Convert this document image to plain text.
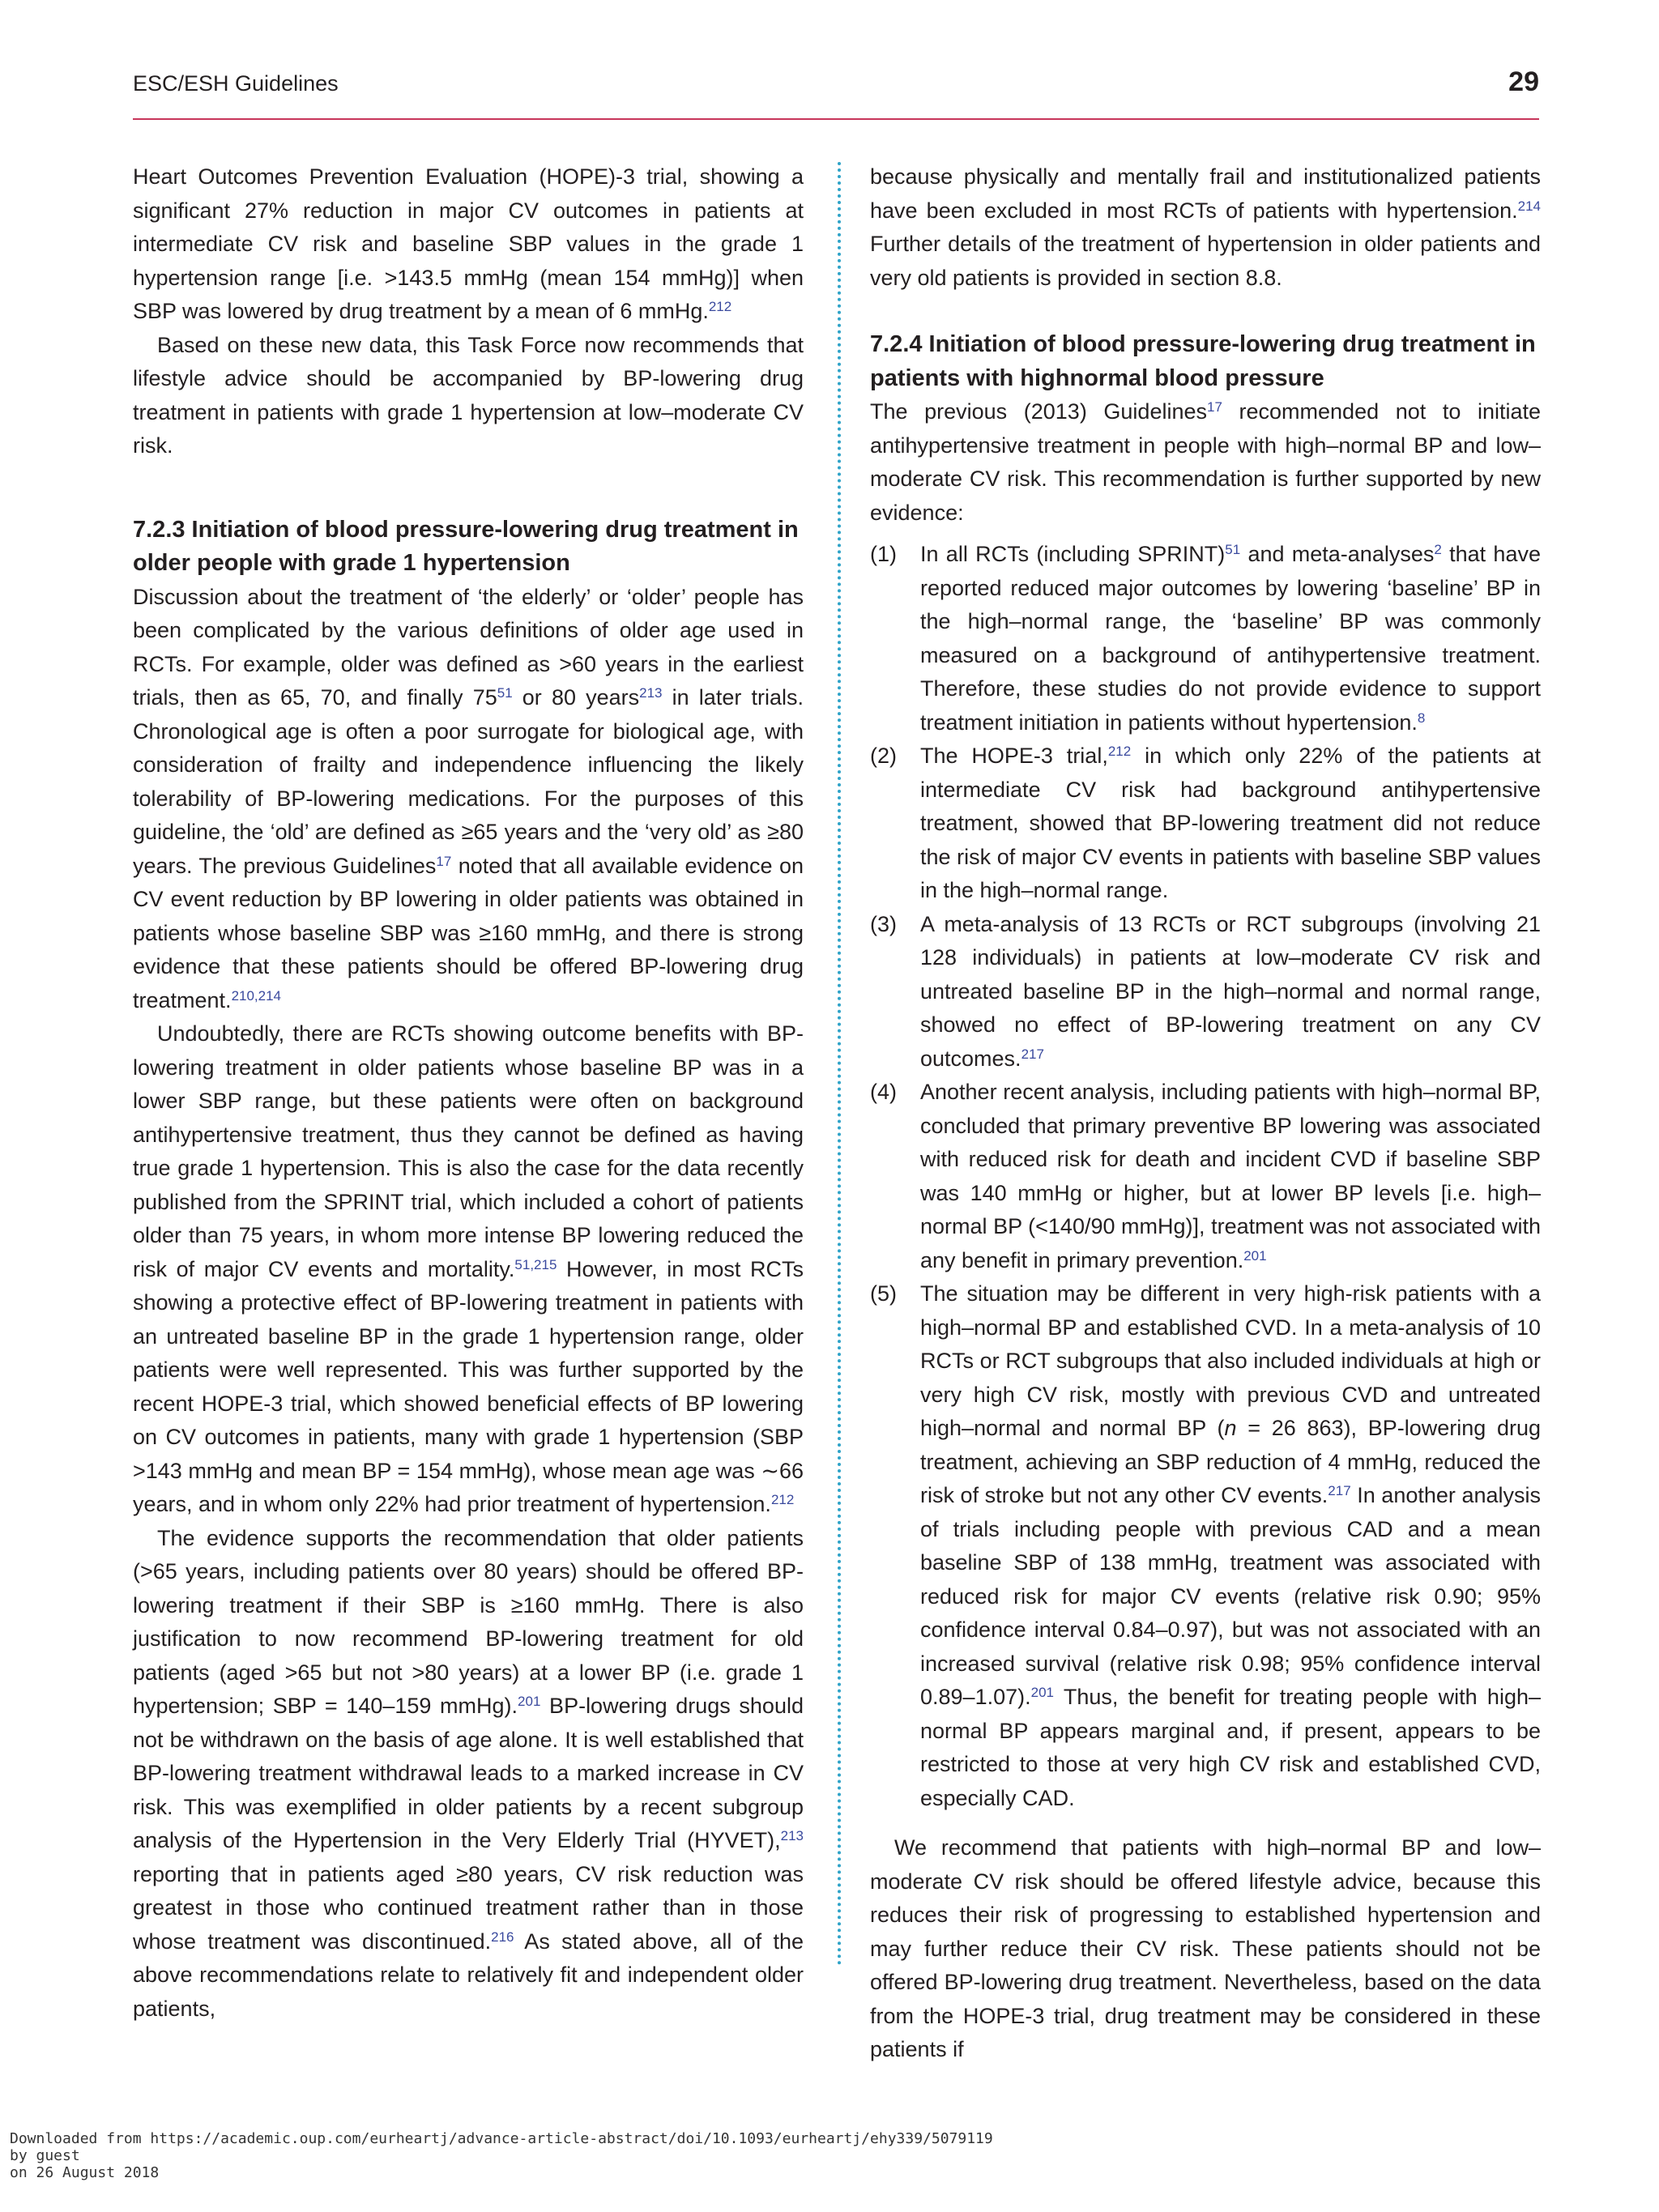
ESC/ESH Guidelines	29

Heart Outcomes Prevention Evaluation (HOPE)-3 trial, showing a significant 27% reduction in major CV outcomes in patients at intermediate CV risk and baseline SBP values in the grade 1 hypertension range [i.e. >143.5 mmHg (mean 154 mmHg)] when SBP was lowered by drug treatment by a mean of 6 mmHg.$^{212}$

Based on these new data, this Task Force now recommends that lifestyle advice should be accompanied by BP-lowering drug treatment in patients with grade 1 hypertension at low–moderate CV risk.

7.2.3 Initiation of blood pressure-lowering drug treatment in older people with grade 1 hypertension

Discussion about the treatment of ‘the elderly’ or ‘older’ people has been complicated by the various definitions of older age used in RCTs. For example, older was defined as >60 years in the earliest trials, then as 65, 70, and finally $75^{51}$ or 80 years$^{213}$ in later trials. Chronological age is often a poor surrogate for biological age, with consideration of frailty and independence influencing the likely tolerability of BP-lowering medications. For the purposes of this guideline, the ‘old’ are defined as ≥65 years and the ‘very old’ as ≥80 years. The previous Guidelines$^{17}$ noted that all available evidence on CV event reduction by BP lowering in older patients was obtained in patients whose baseline SBP was ≥160 mmHg, and there is strong evidence that these patients should be offered BP-lowering drug treatment.$^{210,214}$

Undoubtedly, there are RCTs showing outcome benefits with BP-lowering treatment in older patients whose baseline BP was in a lower SBP range, but these patients were often on background antihypertensive treatment, thus they cannot be defined as having true grade 1 hypertension. This is also the case for the data recently published from the SPRINT trial, which included a cohort of patients older than 75 years, in whom more intense BP lowering reduced the risk of major CV events and mortality.$^{51,215}$ However, in most RCTs showing a protective effect of BP-lowering treatment in patients with an untreated baseline BP in the grade 1 hypertension range, older patients were well represented. This was further supported by the recent HOPE-3 trial, which showed beneficial effects of BP lowering on CV outcomes in patients, many with grade 1 hypertension (SBP >143 mmHg and mean BP = 154 mmHg), whose mean age was ∼66 years, and in whom only 22% had prior treatment of hypertension.$^{212}$

The evidence supports the recommendation that older patients (>65 years, including patients over 80 years) should be offered BP-lowering treatment if their SBP is ≥160 mmHg. There is also justification to now recommend BP-lowering treatment for old patients (aged >65 but not >80 years) at a lower BP (i.e. grade 1 hypertension; SBP = 140–159 mmHg).$^{201}$ BP-lowering drugs should not be withdrawn on the basis of age alone. It is well established that BP-lowering treatment withdrawal leads to a marked increase in CV risk. This was exemplified in older patients by a recent subgroup analysis of the Hypertension in the Very Elderly Trial (HYVET),$^{213}$ reporting that in patients aged ≥80 years, CV risk reduction was greatest in those who continued treatment rather than in those whose treatment was discontinued.$^{216}$ As stated above, all of the above recommendations relate to relatively fit and independent older patients,

because physically and mentally frail and institutionalized patients have been excluded in most RCTs of patients with hypertension.$^{214}$ Further details of the treatment of hypertension in older patients and very old patients is provided in section 8.8.

7.2.4 Initiation of blood pressure-lowering drug treatment in patients with highnormal blood pressure

The previous (2013) Guidelines$^{17}$ recommended not to initiate antihypertensive treatment in people with high–normal BP and low–moderate CV risk. This recommendation is further supported by new evidence:

(1) In all RCTs (including SPRINT)$^{51}$ and meta-analyses$^2$ that have reported reduced major outcomes by lowering ‘baseline’ BP in the high–normal range, the ‘baseline’ BP was commonly measured on a background of antihypertensive treatment. Therefore, these studies do not provide evidence to support treatment initiation in patients without hypertension.$^8$
(2) The HOPE-3 trial,$^{212}$ in which only 22% of the patients at intermediate CV risk had background antihypertensive treatment, showed that BP-lowering treatment did not reduce the risk of major CV events in patients with baseline SBP values in the high–normal range.
(3) A meta-analysis of 13 RCTs or RCT subgroups (involving 21 128 individuals) in patients at low–moderate CV risk and untreated baseline BP in the high–normal and normal range, showed no effect of BP-lowering treatment on any CV outcomes.$^{217}$
(4) Another recent analysis, including patients with high–normal BP, concluded that primary preventive BP lowering was associated with reduced risk for death and incident CVD if baseline SBP was 140 mmHg or higher, but at lower BP levels [i.e. high–normal BP (<140/90 mmHg)], treatment was not associated with any benefit in primary prevention.$^{201}$
(5) The situation may be different in very high-risk patients with a high–normal BP and established CVD. In a meta-analysis of 10 RCTs or RCT subgroups that also included individuals at high or very high CV risk, mostly with previous CVD and untreated high–normal and normal BP (n = 26 863), BP-lowering drug treatment, achieving an SBP reduction of 4 mmHg, reduced the risk of stroke but not any other CV events.$^{217}$ In another analysis of trials including people with previous CAD and a mean baseline SBP of 138 mmHg, treatment was associated with reduced risk for major CV events (relative risk 0.90; 95% confidence interval 0.84–0.97), but was not associated with an increased survival (relative risk 0.98; 95% confidence interval 0.89–1.07).$^{201}$ Thus, the benefit for treating people with high–normal BP appears marginal and, if present, appears to be restricted to those at very high CV risk and established CVD, especially CAD.

We recommend that patients with high–normal BP and low–moderate CV risk should be offered lifestyle advice, because this reduces their risk of progressing to established hypertension and may further reduce their CV risk. These patients should not be offered BP-lowering drug treatment. Nevertheless, based on the data from the HOPE-3 trial, drug treatment may be considered in these patients if

Downloaded from https://academic.oup.com/eurheartj/advance-article-abstract/doi/10.1093/eurheartj/ehy339/5079119
by guest
on 26 August 2018
